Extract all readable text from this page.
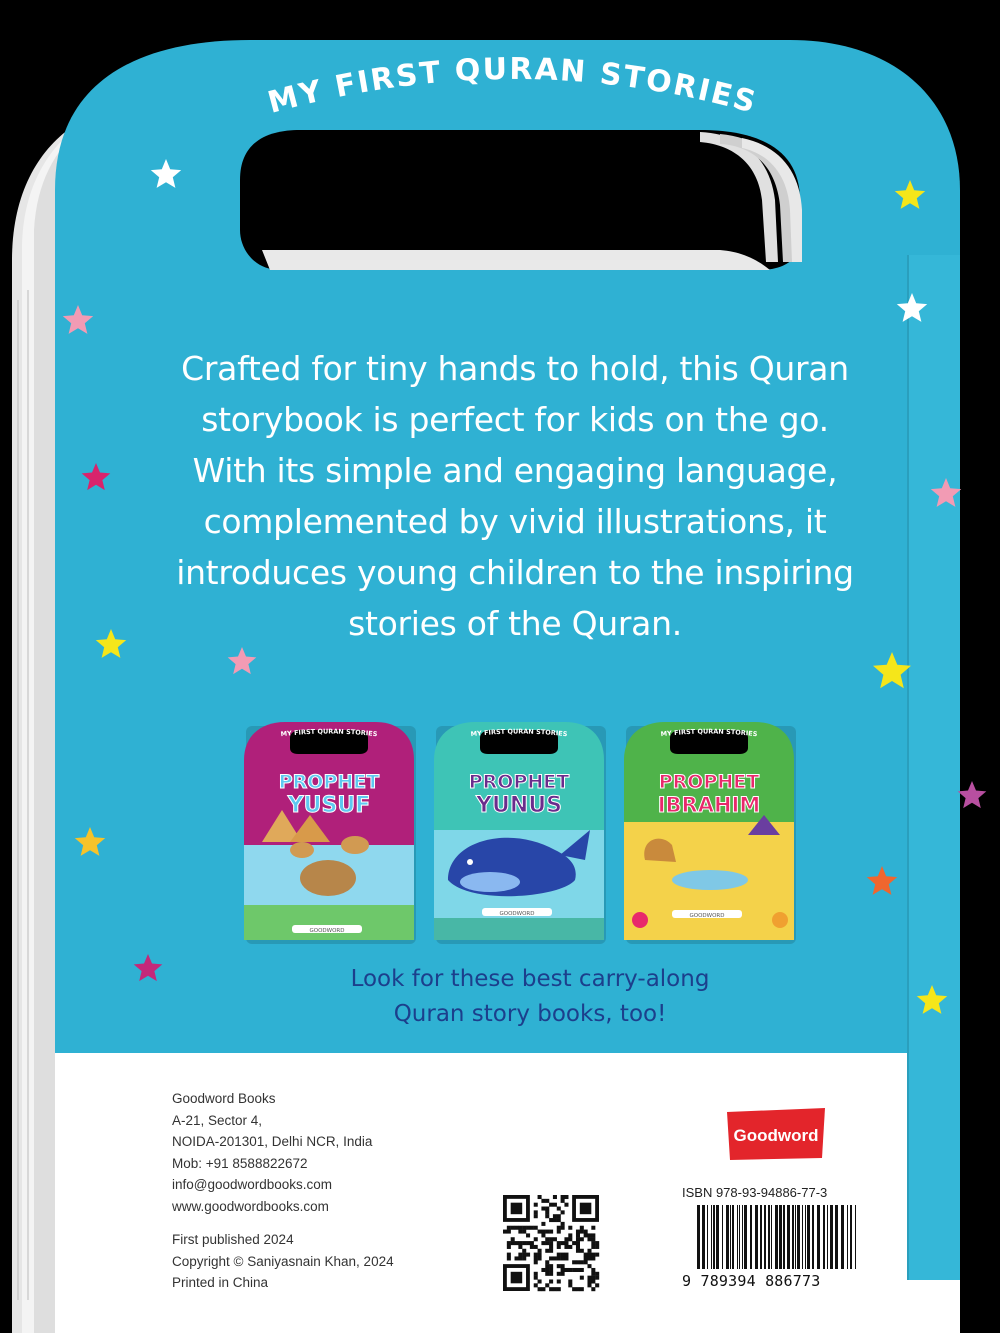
MY FIRST QURAN STORIES
MY FIRST QURAN STORIES
PROPHET
YUSUF
GOODWORD
MY FIRST QURAN STORIES
PROPHET
YUNUS
GOODWORD
MY FIRST QURAN STORIES
PROPHET
IBRAHIM
GOODWORD
Goodword
Crafted for tiny hands to hold, this Quran
storybook is perfect for kids on the go.
With its simple and engaging language,
complemented by vivid illustrations, it
introduces young children to the inspiring
stories of the Quran.
Look for these best carry-along
Quran story books, too!
Goodword Books
A-21, Sector 4,
NOIDA-201301, Delhi NCR, India
Mob: +91 8588822672
info@goodwordbooks.com
www.goodwordbooks.com
First published 2024
Copyright © Saniyasnain Khan, 2024
Printed in China
ISBN 978-93-94886-77-3
9 789394 886773
